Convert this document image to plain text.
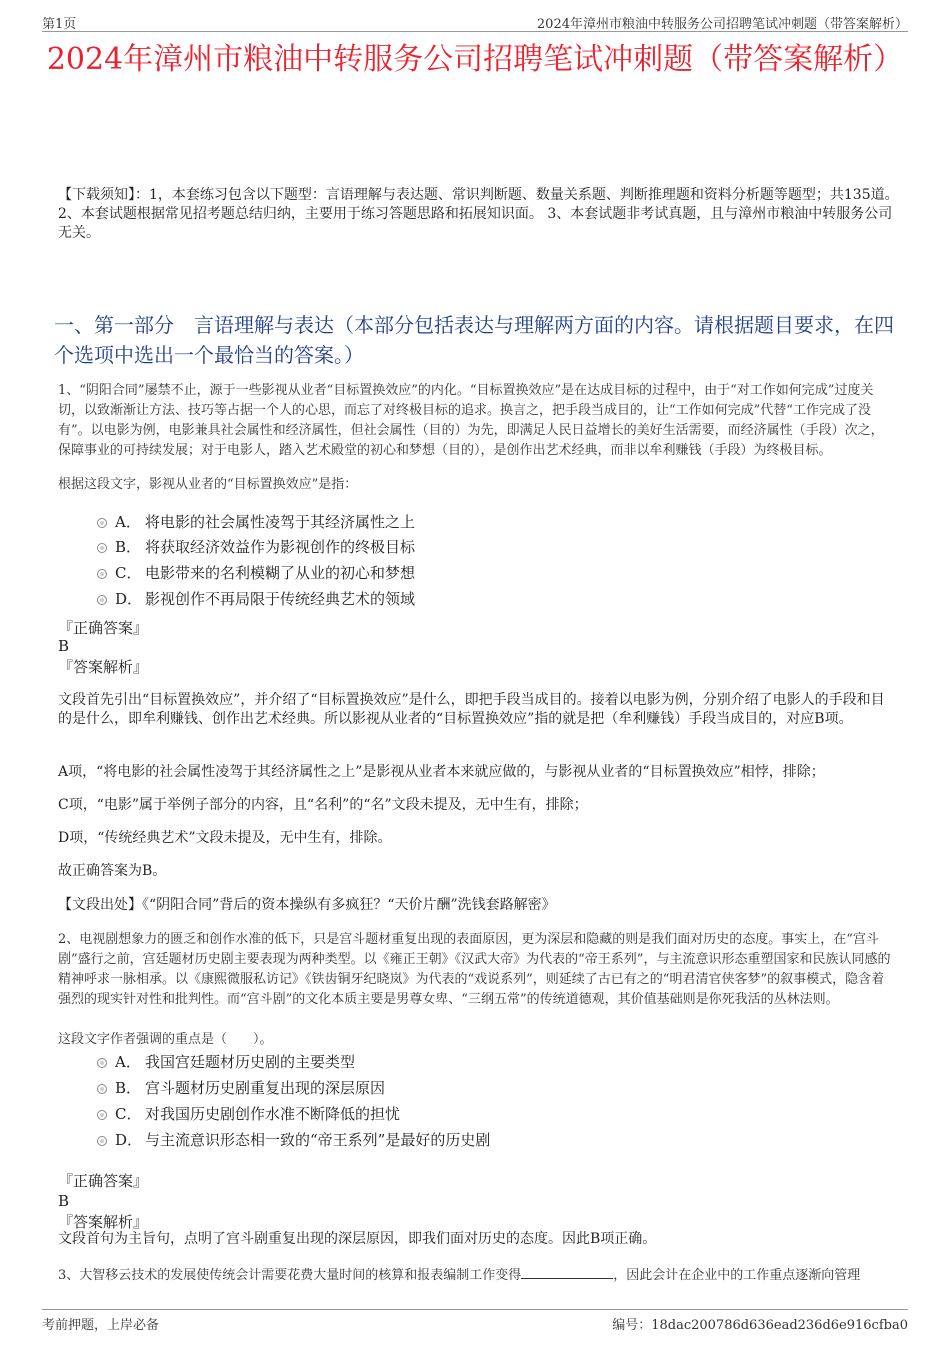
第1页	2024年漳州市粮油中转服务公司招聘笔试冲刺题（带答案解析）
2024年漳州市粮油中转服务公司招聘笔试冲刺题（带答案解析）
【下载须知】：1，本套练习包含以下题型：言语理解与表达题、常识判断题、数量关系题、判断推理题和资料分析题等题型；共135道。 2、本套试题根据常见招考题总结归纳，主要用于练习答题思路和拓展知识面。 3、本套试题非考试真题，且与漳州市粮油中转服务公司无关。
一、第一部分　言语理解与表达（本部分包括表达与理解两方面的内容。请根据题目要求，在四个选项中选出一个最恰当的答案。）
1、“阴阳合同”屡禁不止，源于一些影视从业者“目标置换效应”的内化。“目标置换效应”是在达成目标的过程中，由于“对工作如何完成”过度关切，以致渐渐让方法、技巧等占据一个人的心思，而忘了对终极目标的追求。换言之，把手段当成目的，让“工作如何完成”代替“工作完成了没有”。以电影为例，电影兼具社会属性和经济属性，但社会属性（目的）为先，即满足人民日益增长的美好生活需要，而经济属性（手段）次之，保障事业的可持续发展；对于电影人，踏入艺术殿堂的初心和梦想（目的），是创作出艺术经典，而非以牟利赚钱（手段）为终极目标。
根据这段文字，影视从业者的“目标置换效应”是指：
A． 将电影的社会属性凌驾于其经济属性之上
B． 将获取经济效益作为影视创作的终极目标
C． 电影带来的名利模糊了从业的初心和梦想
D． 影视创作不再局限于传统经典艺术的领域
『正确答案』
B
『答案解析』
文段首先引出“目标置换效应”，并介绍了“目标置换效应”是什么，即把手段当成目的。接着以电影为例，分别介绍了电影人的手段和目的是什么，即牟利赚钱、创作出艺术经典。所以影视从业者的“目标置换效应”指的就是把（牟利赚钱）手段当成目的，对应B项。
A项，“将电影的社会属性凌驾于其经济属性之上”是影视从业者本来就应做的，与影视从业者的“目标置换效应”相悖，排除；
C项，“电影”属于举例子部分的内容，且“名利”的“名”文段未提及，无中生有，排除；
D项，“传统经典艺术”文段未提及，无中生有，排除。
故正确答案为B。
【文段出处】《“阴阳合同”背后的资本操纵有多疯狂？“天价片酬”洗钱套路解密》
2、电视剧想象力的匮乏和创作水准的低下，只是宫斗题材重复出现的表面原因，更为深层和隐藏的则是我们面对历史的态度。事实上，在“宫斗剧”盛行之前，宫廷题材历史剧主要表现为两种类型。以《雍正王朝》《汉武大帝》为代表的“帝王系列”，与主流意识形态重塑国家和民族认同感的精神呼求一脉相承。以《康熙微服私访记》《铁齿铜牙纪晓岚》为代表的“戏说系列”，则延续了古已有之的“明君清官侠客梦”的叙事模式，隐含着强烈的现实针对性和批判性。而“宫斗剧”的文化本质主要是男尊女卑、“三纲五常”的传统道德观，其价值基础则是你死我活的丛林法则。
这段文字作者强调的重点是（　　）。
A． 我国宫廷题材历史剧的主要类型
B． 宫斗题材历史剧重复出现的深层原因
C． 对我国历史剧创作水准不断降低的担忧
D． 与主流意识形态相一致的“帝王系列”是最好的历史剧
『正确答案』
B
『答案解析』
文段首句为主旨句，点明了宫斗剧重复出现的深层原因，即我们面对历史的态度。因此B项正确。
3、大智移云技术的发展使传统会计需要花费大量时间的核算和报表编制工作变得	，因此会计在企业中的工作重点逐渐向管理
考前押题，上岸必备	编号：18dac200786d636ead236d6e916cfba0
